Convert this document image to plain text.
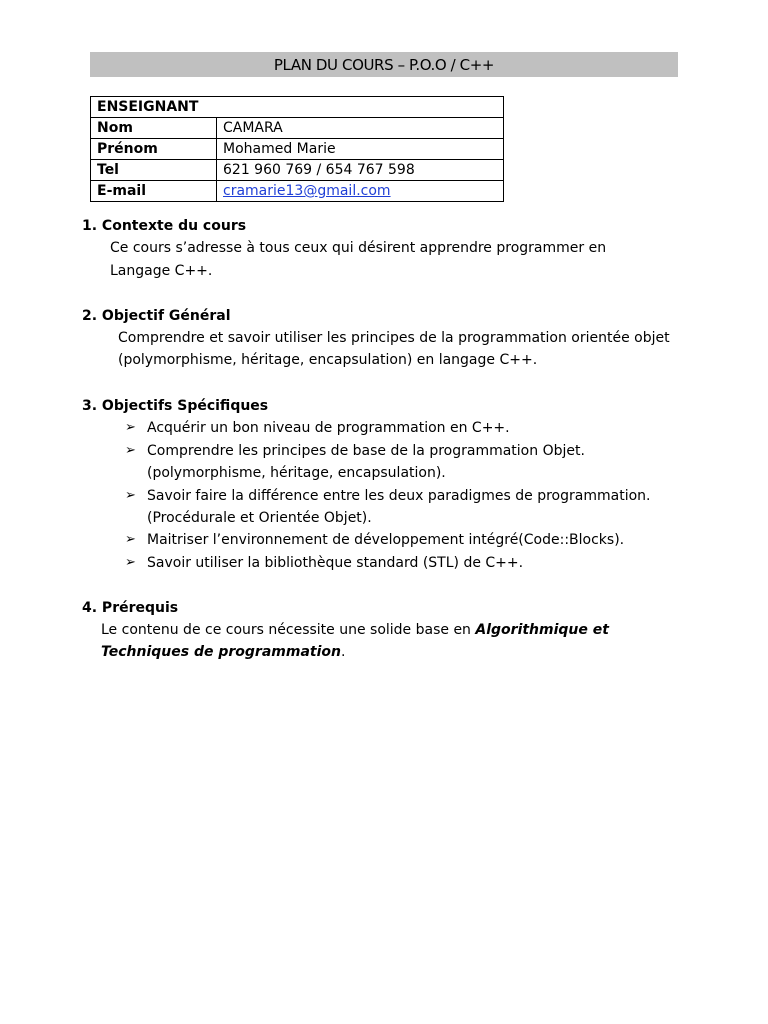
PLAN DU COURS – P.O.O / C++
ENSEIGNANT	
Nom	CAMARA
Prénom	Mohamed Marie
Tel	621 960 769 / 654 767 598
E-mail	cramarie13@gmail.com
1. Contexte du cours
Ce cours s’adresse à tous ceux qui désirent apprendre programmer en
Langage C++.
2. Objectif Général
Comprendre et savoir utiliser les principes de la programmation orientée objet
(polymorphisme, héritage, encapsulation) en langage C++.
3. Objectifs Spécifiques
➢ Acquérir un bon niveau de programmation en C++.
➢ Comprendre les principes de base de la programmation Objet.
(polymorphisme, héritage, encapsulation).
➢ Savoir faire la différence entre les deux paradigmes de programmation.
(Procédurale et Orientée Objet).
➢ Maitriser l’environnement de développement intégré(Code::Blocks).
➢ Savoir utiliser la bibliothèque standard (STL) de C++.
4. Prérequis
Le contenu de ce cours nécessite une solide base en Algorithmique et
Techniques de programmation.
